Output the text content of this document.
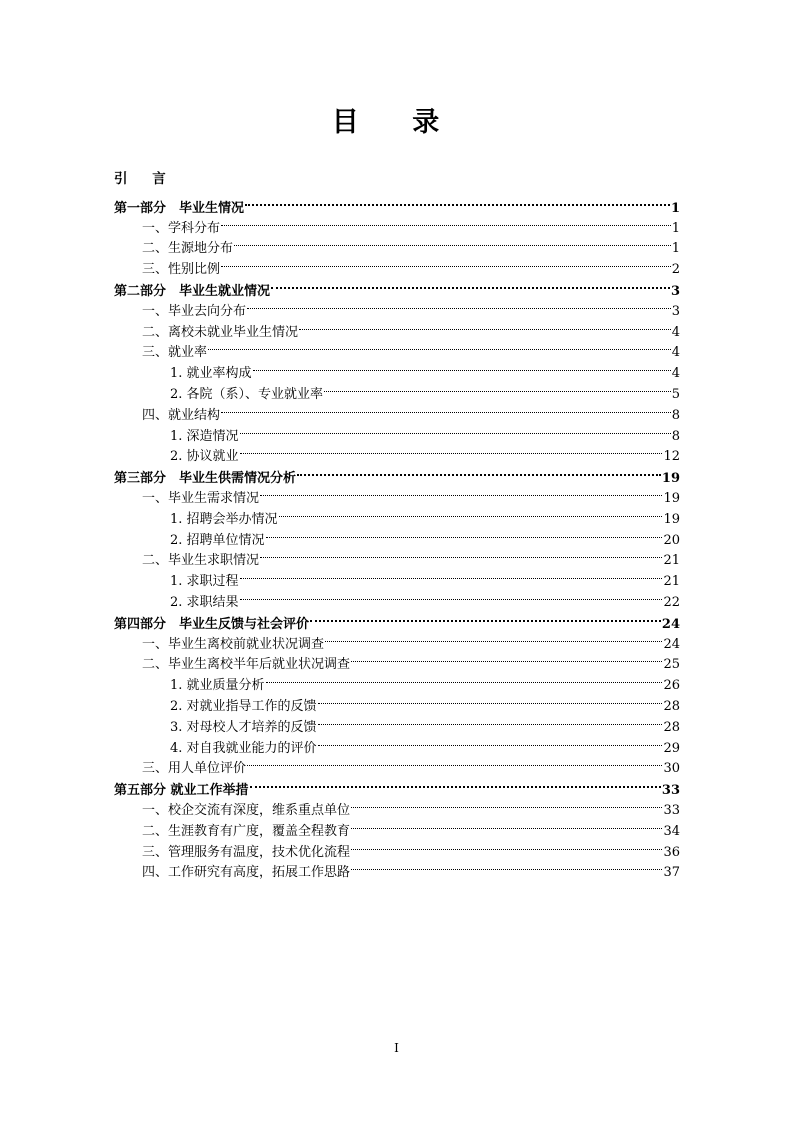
目 录
引 言
第一部分　毕业生情况	1
一、学科分布	1
二、生源地分布	1
三、性别比例	2
第二部分　毕业生就业情况	3
一、毕业去向分布	3
二、离校未就业毕业生情况	4
三、就业率	4
1. 就业率构成	4
2. 各院（系）、专业就业率	5
四、就业结构	8
1. 深造情况	8
2. 协议就业	12
第三部分　毕业生供需情况分析	19
一、毕业生需求情况	19
1. 招聘会举办情况	19
2. 招聘单位情况	20
二、毕业生求职情况	21
1. 求职过程	21
2. 求职结果	22
第四部分　毕业生反馈与社会评价	24
一、毕业生离校前就业状况调查	24
二、毕业生离校半年后就业状况调查	25
1. 就业质量分析	26
2. 对就业指导工作的反馈	28
3. 对母校人才培养的反馈	28
4. 对自我就业能力的评价	29
三、用人单位评价	30
第五部分 就业工作举措	33
一、校企交流有深度，维系重点单位	33
二、生涯教育有广度，覆盖全程教育	34
三、管理服务有温度，技术优化流程	36
四、工作研究有高度，拓展工作思路	37
I
